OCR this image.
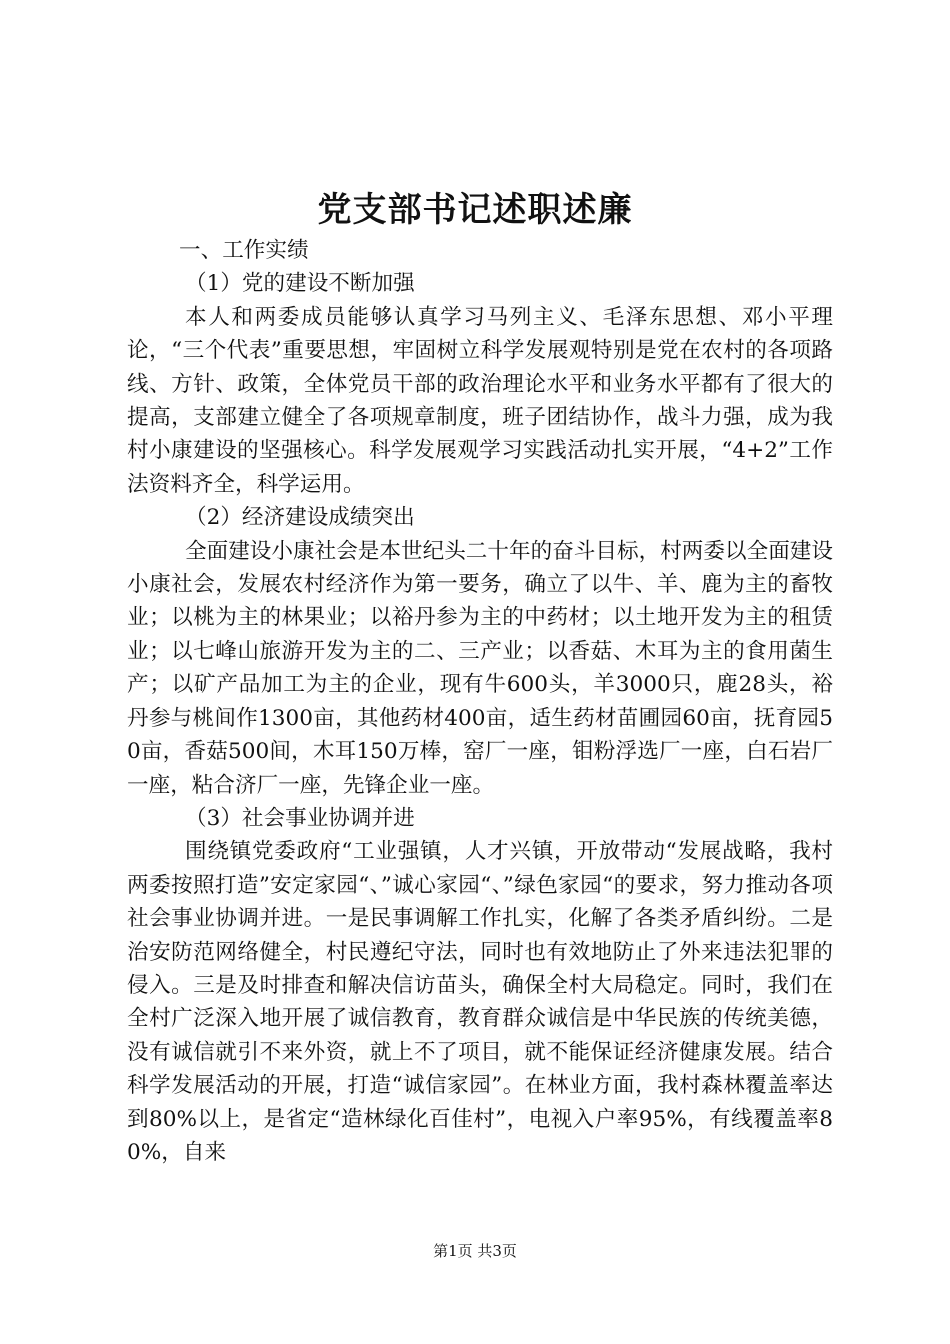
党支部书记述职述廉

一、工作实绩

（1）党的建设不断加强

本人和两委成员能够认真学习马列主义、毛泽东思想、邓小平理论，“三个代表”重要思想，牢固树立科学发展观特别是党在农村的各项路线、方针、政策，全体党员干部的政治理论水平和业务水平都有了很大的提高，支部建立健全了各项规章制度，班子团结协作，战斗力强，成为我村小康建设的坚强核心。科学发展观学习实践活动扎实开展，“4+2”工作法资料齐全，科学运用。

（2）经济建设成绩突出

全面建设小康社会是本世纪头二十年的奋斗目标，村两委以全面建设小康社会，发展农村经济作为第一要务，确立了以牛、羊、鹿为主的畜牧业；以桃为主的林果业；以裕丹参为主的中药材；以土地开发为主的租赁业；以七峰山旅游开发为主的二、三产业；以香菇、木耳为主的食用菌生产；以矿产品加工为主的企业，现有牛600头，羊3000只，鹿28头，裕丹参与桃间作1300亩，其他药材400亩，适生药材苗圃园60亩，抚育园50亩，香菇500间，木耳150万棒，窑厂一座，钼粉浮选厂一座，白石岩厂一座，粘合济厂一座，先锋企业一座。

（3）社会事业协调并进

围绕镇党委政府“工业强镇，人才兴镇，开放带动“发展战略，我村两委按照打造”安定家园“、”诚心家园“、”绿色家园“的要求，努力推动各项社会事业协调并进。一是民事调解工作扎实，化解了各类矛盾纠纷。二是治安防范网络健全，村民遵纪守法，同时也有效地防止了外来违法犯罪的侵入。三是及时排查和解决信访苗头，确保全村大局稳定。同时，我们在全村广泛深入地开展了诚信教育，教育群众诚信是中华民族的传统美德，没有诚信就引不来外资，就上不了项目，就不能保证经济健康发展。结合科学发展活动的开展，打造“诚信家园”。在林业方面，我村森林覆盖率达到80%以上，是省定“造林绿化百佳村”，电视入户率95%，有线覆盖率80%，自来

第1页 共3页
